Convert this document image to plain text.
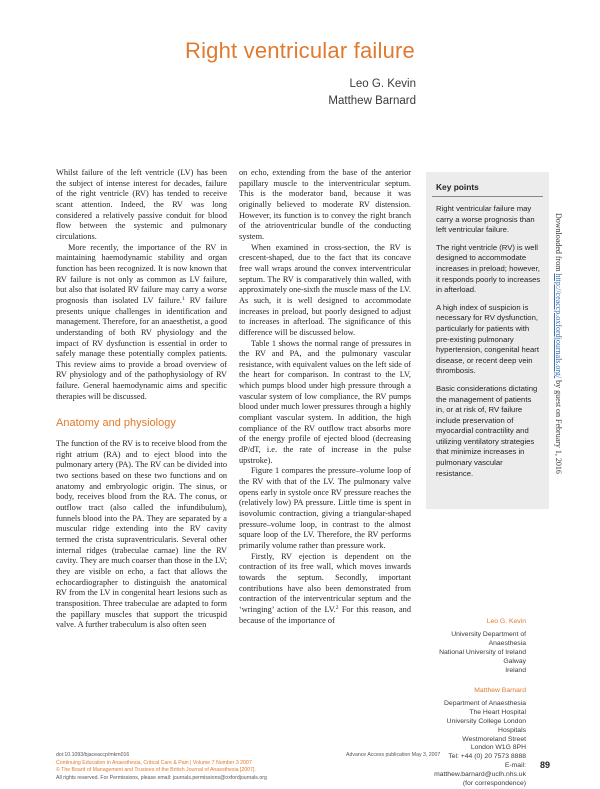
Right ventricular failure
Leo G. Kevin
Matthew Barnard

Whilst failure of the left ventricle (LV) has been the subject of intense interest for decades, failure of the right ventricle (RV) has tended to receive scant attention. Indeed, the RV was long considered a relatively passive conduit for blood flow between the systemic and pulmonary circulations.

More recently, the importance of the RV in maintaining haemodynamic stability and organ function has been recognized. It is now known that RV failure is not only as common as LV failure, but also that isolated RV failure may carry a worse prognosis than isolated LV failure.$^1$ RV failure presents unique challenges in identification and management. Therefore, for an anaesthetist, a good understanding of both RV physiology and the impact of RV dysfunction is essential in order to safely manage these potentially complex patients. This review aims to provide a broad overview of RV physiology and of the pathophysiology of RV failure. General haemodynamic aims and specific therapies will be discussed.

Anatomy and physiology

The function of the RV is to receive blood from the right atrium (RA) and to eject blood into the pulmonary artery (PA). The RV can be divided into two sections based on these two functions and on anatomy and embryologic origin. The sinus, or body, receives blood from the RA. The conus, or outflow tract (also called the infundibulum), funnels blood into the PA. They are separated by a muscular ridge extending into the RV cavity termed the crista supraventricularis. Several other internal ridges (trabeculae carnae) line the RV cavity. They are much coarser than those in the LV; they are visible on echo, a fact that allows the echocardiographer to distinguish the anatomical RV from the LV in congenital heart lesions such as transposition. Three trabeculae are adapted to form the papillary muscles that support the tricuspid valve. A further trabeculum is also often seen

on echo, extending from the base of the anterior papillary muscle to the interventricular septum. This is the moderator band, because it was originally believed to moderate RV distension. However, its function is to convey the right branch of the atrioventricular bundle of the conducting system.

When examined in cross-section, the RV is crescent-shaped, due to the fact that its concave free wall wraps around the convex interventricular septum. The RV is comparatively thin walled, with approximately one-sixth the muscle mass of the LV. As such, it is well designed to accommodate increases in preload, but poorly designed to adjust to increases in afterload. The significance of this difference will be discussed below.

Table 1 shows the normal range of pressures in the RV and PA, and the pulmonary vascular resistance, with equivalent values on the left side of the heart for comparison. In contrast to the LV, which pumps blood under high pressure through a vascular system of low compliance, the RV pumps blood under much lower pressures through a highly compliant vascular system. In addition, the high compliance of the RV outflow tract absorbs more of the energy profile of ejected blood (decreasing dP/dT, i.e. the rate of increase in the pulse upstroke).

Figure 1 compares the pressure–volume loop of the RV with that of the LV. The pulmonary valve opens early in systole once RV pressure reaches the (relatively low) PA pressure. Little time is spent in isovolumic contraction, giving a triangular-shaped pressure–volume loop, in contrast to the almost square loop of the LV. Therefore, the RV performs primarily volume rather than pressure work.

Firstly, RV ejection is dependent on the contraction of its free wall, which moves inwards towards the septum. Secondly, important contributions have also been demonstrated from contraction of the interventricular septum and the ‘wringing’ action of the LV.$^2$ For this reason, and because of the importance of

Key points

Right ventricular failure may carry a worse prognosis than left ventricular failure.

The right ventricle (RV) is well designed to accommodate increases in preload; however, it responds poorly to increases in afterload.

A high index of suspicion is necessary for RV dysfunction, particularly for patients with pre-existing pulmonary hypertension, congenital heart disease, or recent deep vein thrombosis.

Basic considerations dictating the management of patients in, or at risk of, RV failure include preservation of myocardial contractility and utilizing ventilatory strategies that minimize increases in pulmonary vascular resistance.

Downloaded from http://ceaccp.oxfordjournals.org/ by guest on February 1, 2016
Leo G. Kevin
University Department of Anaesthesia
National University of Ireland Galway
Ireland
Matthew Barnard
Department of Anaesthesia
The Heart Hospital
University College London Hospitals
Westmoreland Street
London W1G 8PH
Tel: +44 (0) 20 7573 8888
E-mail: matthew.barnard@uclh.nhs.uk
(for correspondence)
doi:10.1093/bjaceaccp/mkm016
Continuing Education in Anaesthesia, Critical Care & Pain | Volume 7 Number 3 2007
© The Board of Management and Trustees of the British Journal of Anaesthesia [2007].
All rights reserved. For Permissions, please email: journals.permissions@oxfordjournals.org
Advance Access publication May 3, 2007
89
